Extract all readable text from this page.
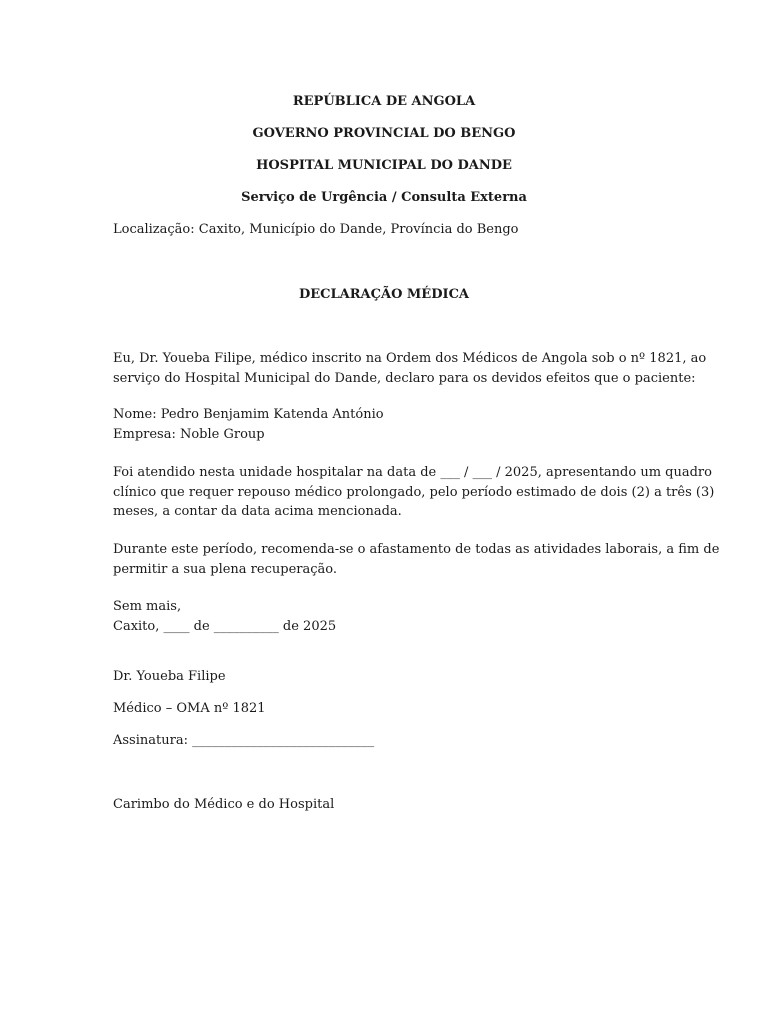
REPÚBLICA DE ANGOLA

GOVERNO PROVINCIAL DO BENGO

HOSPITAL MUNICIPAL DO DANDE

Serviço de Urgência / Consulta Externa

Localização: Caxito, Município do Dande, Província do Bengo

DECLARAÇÃO MÉDICA

Eu, Dr. Youeba Filipe, médico inscrito na Ordem dos Médicos de Angola sob o nº 1821, ao
serviço do Hospital Municipal do Dande, declaro para os devidos efeitos que o paciente:
Nome: Pedro Benjamim Katenda António
Empresa: Noble Group
Foi atendido nesta unidade hospitalar na data de ___ / ___ / 2025, apresentando um quadro
clínico que requer repouso médico prolongado, pelo período estimado de dois (2) a três (3)
meses, a contar da data acima mencionada.
Durante este período, recomenda-se o afastamento de todas as atividades laborais, a fim de
permitir a sua plena recuperação.
Sem mais,
Caxito, ____ de __________ de 2025

Dr. Youeba Filipe

Médico – OMA nº 1821

Assinatura: ____________________________

Carimbo do Médico e do Hospital
